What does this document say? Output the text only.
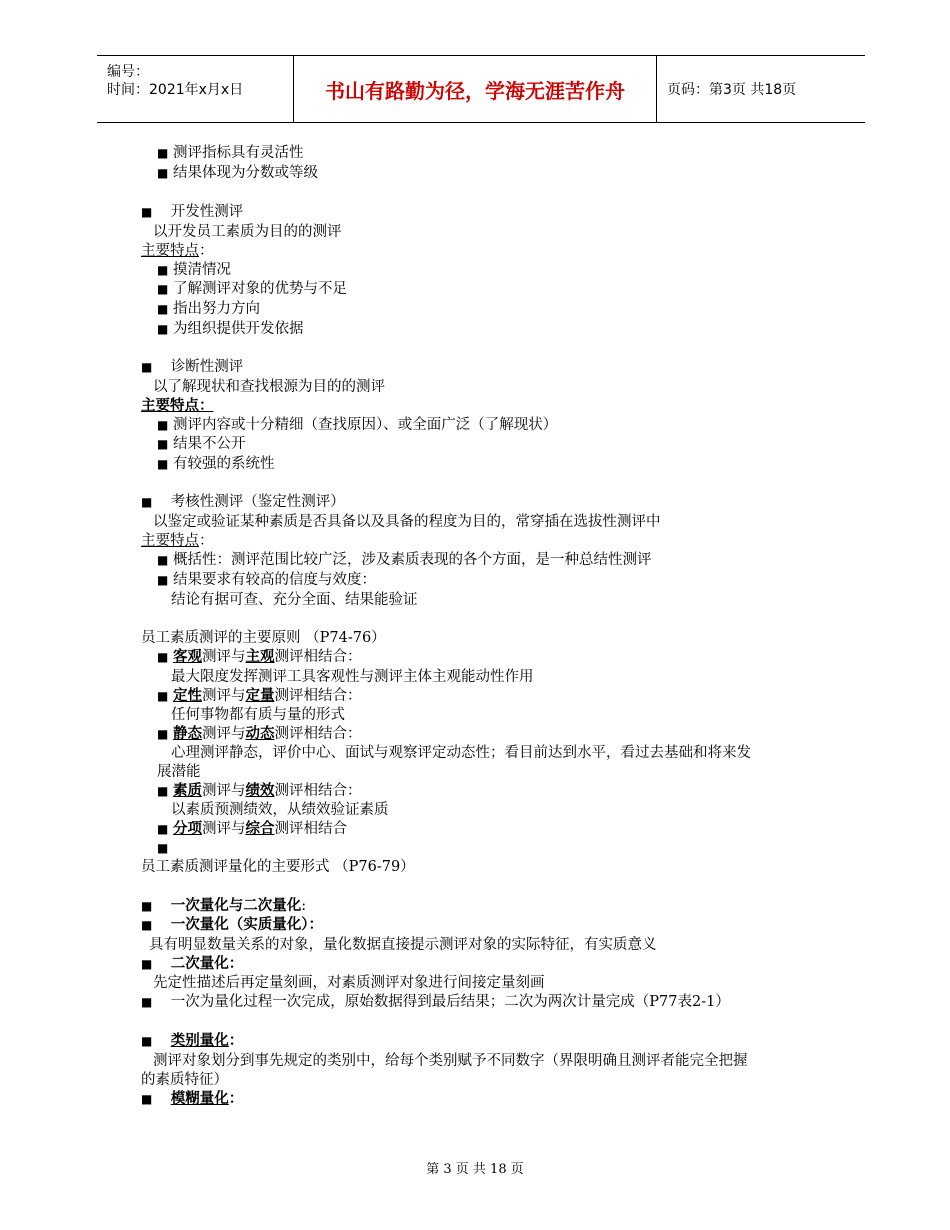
编号：
时间：2021年x月x日	书山有路勤为径，学海无涯苦作舟	页码：第3页 共18页
■ 测评指标具有灵活性
■ 结果体现为分数或等级
■ 开发性测评
以开发员工素质为目的的测评
主要特点：
■ 摸清情况
■ 了解测评对象的优势与不足
■ 指出努力方向
■ 为组织提供开发依据
■ 诊断性测评
以了解现状和查找根源为目的的测评
主要特点：
■ 测评内容或十分精细（查找原因）、或全面广泛（了解现状）
■ 结果不公开
■ 有较强的系统性
■ 考核性测评（鉴定性测评）
以鉴定或验证某种素质是否具备以及具备的程度为目的，常穿插在选拔性测评中
主要特点：
■ 概括性：测评范围比较广泛，涉及素质表现的各个方面，是一种总结性测评
■ 结果要求有较高的信度与效度：
结论有据可查、充分全面、结果能验证
员工素质测评的主要原则 （P74-76）
■ 客观测评与主观测评相结合：
最大限度发挥测评工具客观性与测评主体主观能动性作用
■ 定性测评与定量测评相结合：
任何事物都有质与量的形式
■ 静态测评与动态测评相结合：
心理测评静态，评价中心、面试与观察评定动态性；看目前达到水平，看过去基础和将来发
展潜能
■ 素质测评与绩效测评相结合：
以素质预测绩效，从绩效验证素质
■ 分项测评与综合测评相结合
■
员工素质测评量化的主要形式 （P76-79）
■ 一次量化与二次量化:
■ 一次量化（实质量化）：
具有明显数量关系的对象，量化数据直接提示测评对象的实际特征，有实质意义
■ 二次量化：
先定性描述后再定量刻画，对素质测评对象进行间接定量刻画
■ 一次为量化过程一次完成，原始数据得到最后结果；二次为两次计量完成（P77表2-1）
■ 类别量化：
测评对象划分到事先规定的类别中，给每个类别赋予不同数字（界限明确且测评者能完全把握
的素质特征）
■ 模糊量化：
第 3 页 共 18 页
